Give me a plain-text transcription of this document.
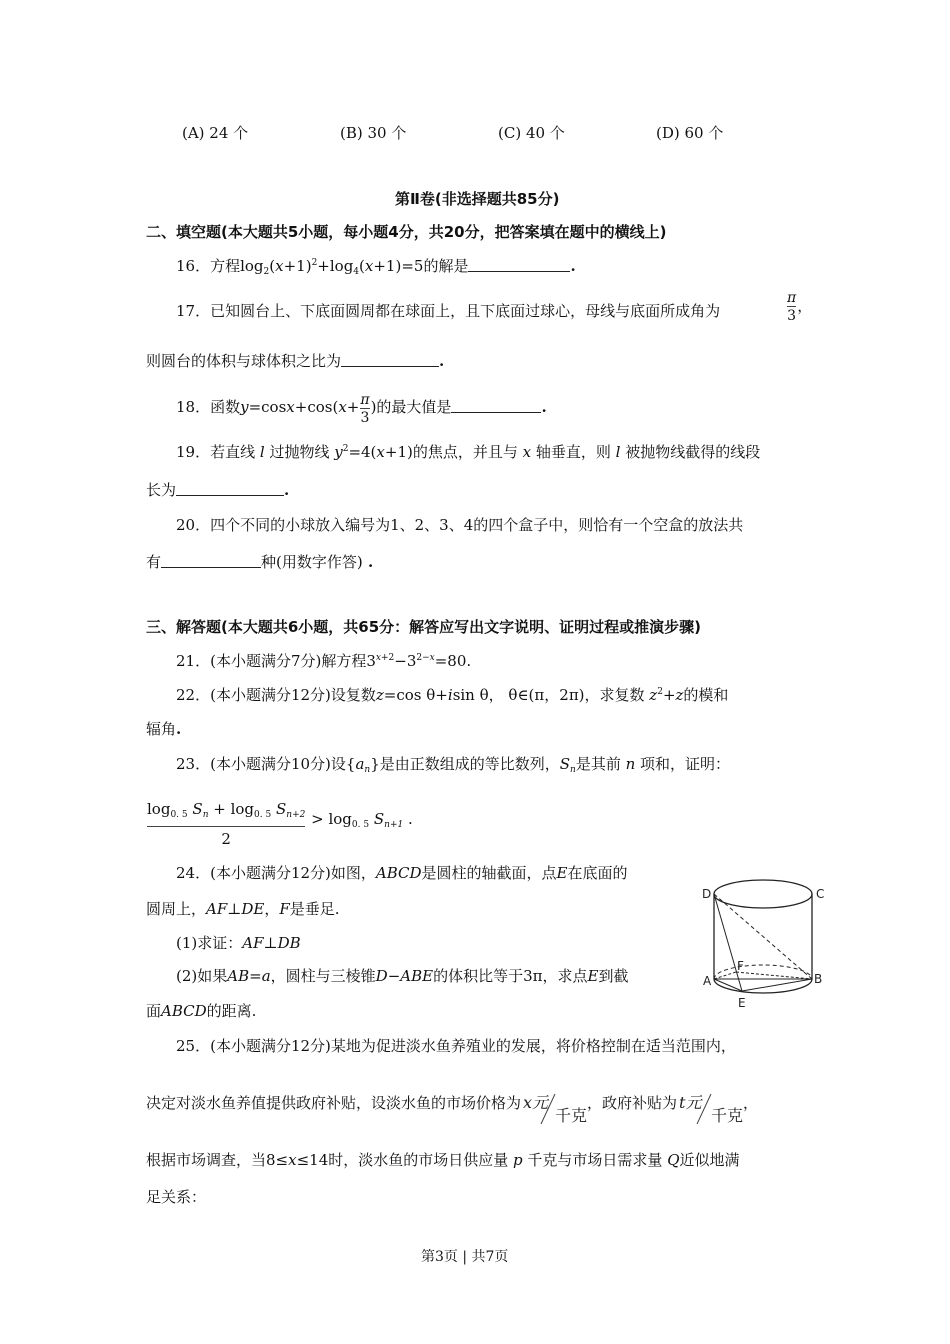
(A) 24 个	(B) 30 个	(C) 40 个	(D) 60 个
第Ⅱ卷(非选择题共85分)
二、填空题(本大题共5小题，每小题4分，共20分，把答案填在题中的横线上)
16．方程$\log_2(x+1)^2+\log_4(x+1)=5$的解是	.
17．已知圆台上、下底面圆周都在球面上，且下底面过球心，母线与底面所成角为	$\frac{\pi}{3}$ ，
则圆台的体积与球体积之比为	.
18．函数$y=\cos x+\cos(x+ \frac{\pi}{3}$ )的最大值是	.
19．若直线 l 过抛物线 $y^2=4(x+1)$的焦点，并且与 x 轴垂直，则 l 被抛物线截得的线段
长为	.
20．四个不同的小球放入编号为1、2、3、4的四个盒子中，则恰有一个空盒的放法共
有	种(用数字作答) .
三、解答题(本大题共6小题，共65分：解答应写出文字说明、证明过程或推演步骤)
21．(本小题满分7分)解方程$3^{x+2}-3^{2-x}=80$.
22．(本小题满分12分)设复数z=cos θ+isin θ， θ∈(π，2π)，求复数 $z^2+z$的模和
辐角.
23．(本小题满分10分)设$\{a_n\}$是由正数组成的等比数列，$S_n$是其前 n 项和，证明：
$\frac{\log_{0. 5} S_n + \log_{0. 5} S_{n+2}}{2} > \log_{0. 5} S_{n+1}$ .
24．(本小题满分12分)如图，ABCD是圆柱的轴截面，点E在底面的
圆周上，AF⊥DE，F是垂足.
(1)求证：AF⊥DB
(2)如果AB=a，圆柱与三棱锥D−ABE的体积比等于3π，求点E到截
面ABCD的距离.
D	C
A	B
F
E
25．(本小题满分12分)某地为促进淡水鱼养殖业的发展，将价格控制在适当范围内，
决定对淡水鱼养值提供政府补贴，设淡水鱼的市场价格为 x元
千克
，政府补贴为 t元
千克
，
根据市场调查，当8≤x≤14时，淡水鱼的市场日供应量 p 千克与市场日需求量 Q近似地满
足关系：
第3页 | 共7页
